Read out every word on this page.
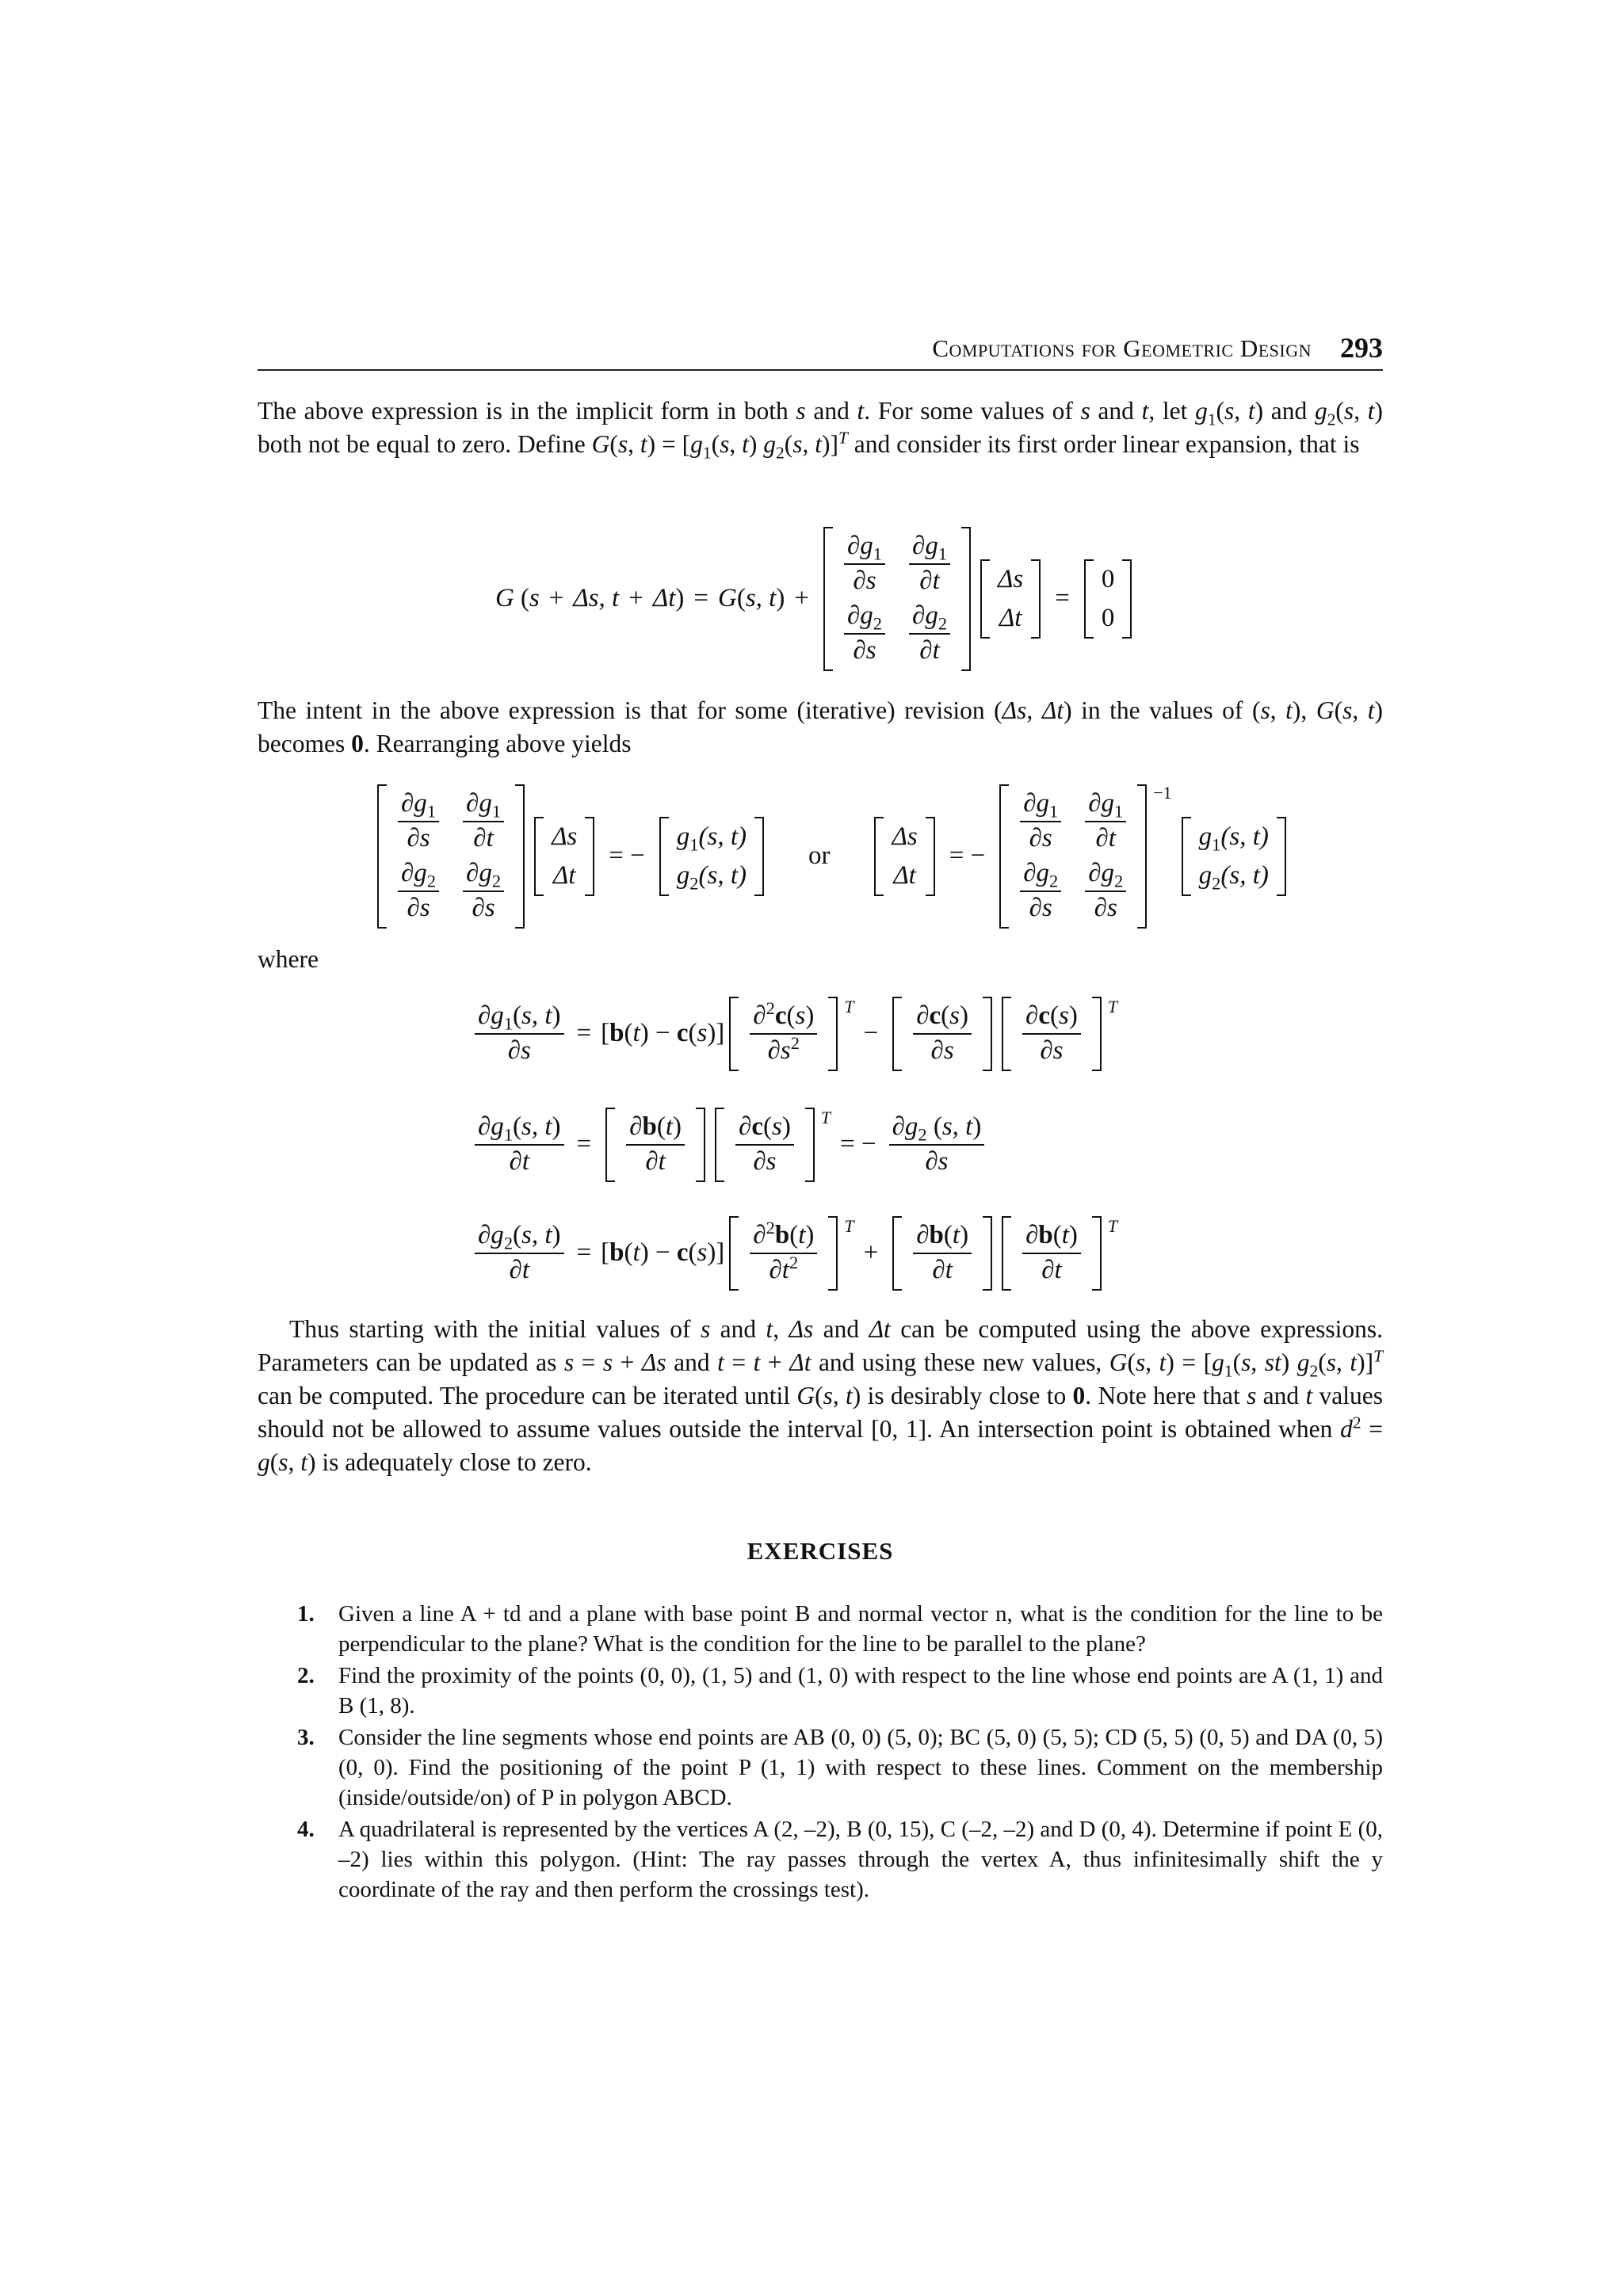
Computations for Geometric Design 293

The above expression is in the implicit form in both s and t. For some values of s and t, let $g_1(s$, t) and $g_2(s$, t) both not be equal to zero. Define G(s, $t) = [g_1(s$, t) $g_2(s$, t)]$^T$ and consider its first order linear expansion, that is

G ( s + Δs, t + Δt ) = G ( s, t ) +
$\frac{\partial g_1}{\partial s} \frac{\partial g_1}{\partial t}$
$\frac{\partial g_2}{\partial s} \frac{\partial g_2}{\partial t}$
Δs
Δt
=
0
0

The intent in the above expression is that for some (iterative) revision (Δs, Δt) in the values of (s, t), G(s, t) becomes 0. Rearranging above yields

$\frac{\partial g_1}{\partial s} \frac{\partial g_1}{\partial t}$
$\frac{\partial g_2}{\partial s} \frac{\partial g_2}{\partial s}$
Δs
Δt
= −
$g_1(s$, t)
$g_2(s$, t)
or
Δs
Δt
= −
$\frac{\partial g_1}{\partial s} \frac{\partial g_1}{\partial t}$
$\frac{\partial g_2}{\partial s} \frac{\partial g_2}{\partial s}$
−1
$g_1(s$, t)
$g_2(s$, t)

where

$\frac{\partial g_1(s, t)}{\partial s} = [b$( t ) − c( s )] $\frac{\partial^2c(s)}{\partial s^2}$ T
− $\frac{\partial c(s)}{\partial s} \frac{\partial c(s)}{\partial s}$ T
$\frac{\partial g_1(s, t)}{\partial t} = \frac{\partial b(t)}{\partial t} \frac{\partial c(s)}{\partial s}$ T
= − $\frac{\partial g_2 (s, t)}{\partial s}$
$\frac{\partial g_2(s, t)}{\partial t} = [b$( t ) − c( s )] $\frac{\partial^2b(t)}{\partial t^2}$ T
+ $\frac{\partial b(t)}{\partial t} \frac{\partial b(t)}{\partial t}$ T

Thus starting with the initial values of s and t, Δs and Δt can be computed using the above expressions. Parameters can be updated as s = s + Δs and t = t + Δt and using these new values, G(s, $t) = [g_1(s$, st) $g_2(s$, t)]$^T$ can be computed. The procedure can be iterated until G(s, t) is desirably close to 0. Note here that s and t values should not be allowed to assume values outside the interval [0, 1]. An intersection point is obtained when $d^2 = g(s$, t) is adequately close to zero.

EXERCISES
1. Given a line A + td and a plane with base point B and normal vector n, what is the condition for the line to be perpendicular to the plane? What is the condition for the line to be parallel to the plane?
2. Find the proximity of the points (0, 0), (1, 5) and (1, 0) with respect to the line whose end points are A (1, 1) and B (1, 8).
3. Consider the line segments whose end points are AB (0, 0) (5, 0); BC (5, 0) (5, 5); CD (5, 5) (0, 5) and DA (0, 5) (0, 0). Find the positioning of the point P (1, 1) with respect to these lines. Comment on the membership (inside/outside/on) of P in polygon ABCD.
4. A quadrilateral is represented by the vertices A (2, –2), B (0, 15), C (–2, –2) and D (0, 4). Determine if point E (0, –2) lies within this polygon. (Hint: The ray passes through the vertex A, thus infinitesimally shift the y coordinate of the ray and then perform the crossings test).
